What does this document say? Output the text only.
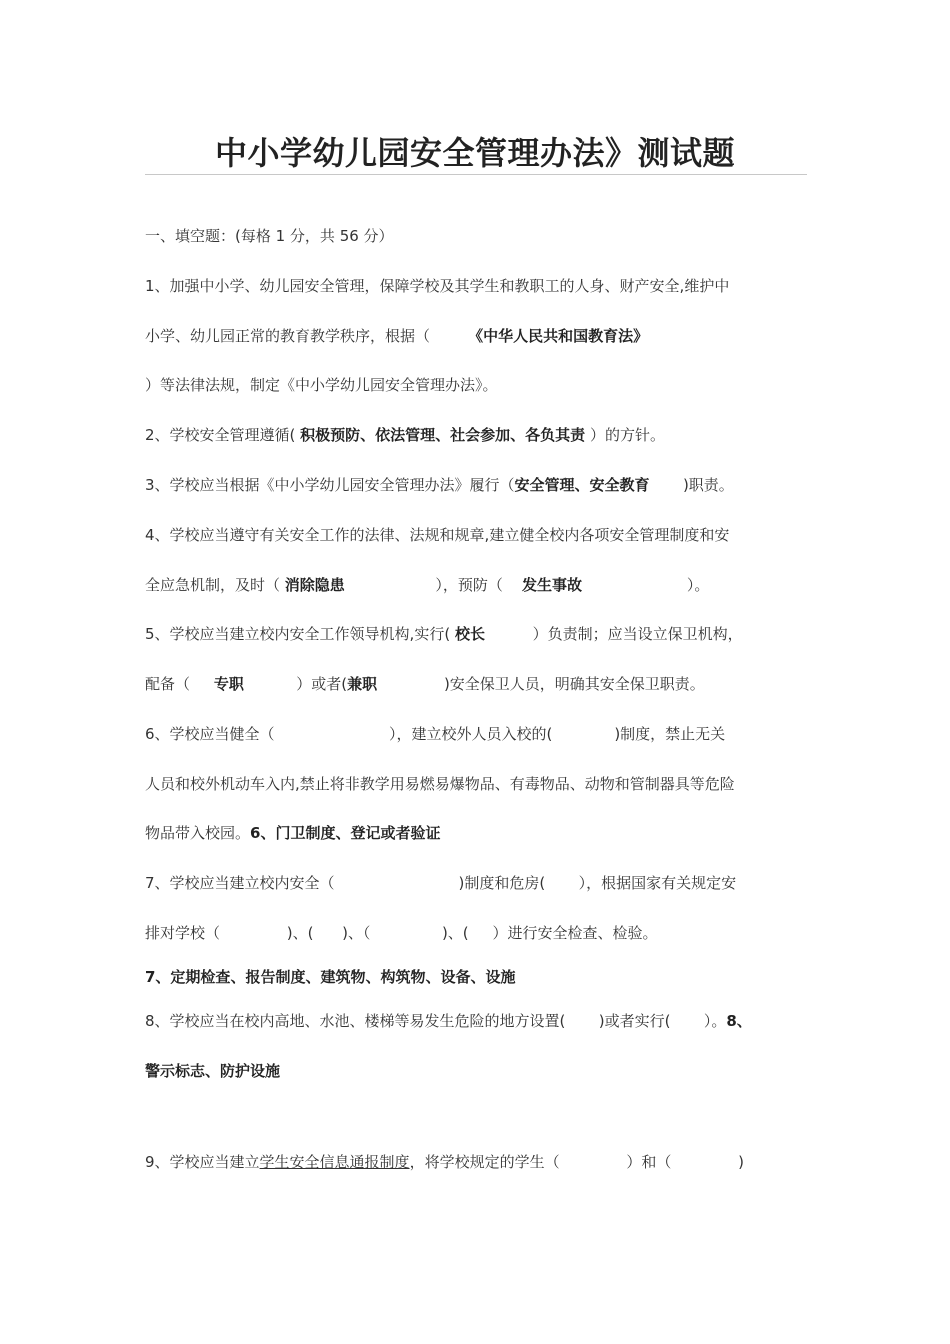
中小学幼儿园安全管理办法》测试题
一、填空题：(每格 1 分，共 56 分）
1、加强中小学、幼儿园安全管理，保障学校及其学生和教职工的人身、财产安全,维护中
小学、幼儿园正常的教育教学秩序，根据（        《中华人民共和国教育法》
）等法律法规，制定《中小学幼儿园安全管理办法》。
2、学校安全管理遵循( 积极预防、依法管理、社会参加、各负其责 ）的方针。
3、学校应当根据《中小学幼儿园安全管理办法》履行（安全管理、安全教育       )职责。
4、学校应当遵守有关安全工作的法律、法规和规章,建立健全校内各项安全管理制度和安
全应急机制，及时（ 消除隐患                   ），预防（    发生事故                      ）。
5、学校应当建立校内安全工作领导机构,实行( 校长          ）负责制；应当设立保卫机构，
配备（     专职           ）或者(兼职              )安全保卫人员，明确其安全保卫职责。
6、学校应当健全（                        ），建立校外人员入校的(             )制度，禁止无关
人员和校外机动车入内,禁止将非教学用易燃易爆物品、有毒物品、动物和管制器具等危险
物品带入校园。6、门卫制度、登记或者验证
7、学校应当建立校内安全（                          )制度和危房(       ），根据国家有关规定安
排对学校（              )、(      )、（               )、(     ）进行安全检查、检验。
7、定期检查、报告制度、建筑物、构筑物、设备、设施
8、学校应当在校内高地、水池、楼梯等易发生危险的地方设置(       )或者实行(       ）。8、
警示标志、防护设施
9、学校应当建立学生安全信息通报制度，将学校规定的学生（              ）和（              )
